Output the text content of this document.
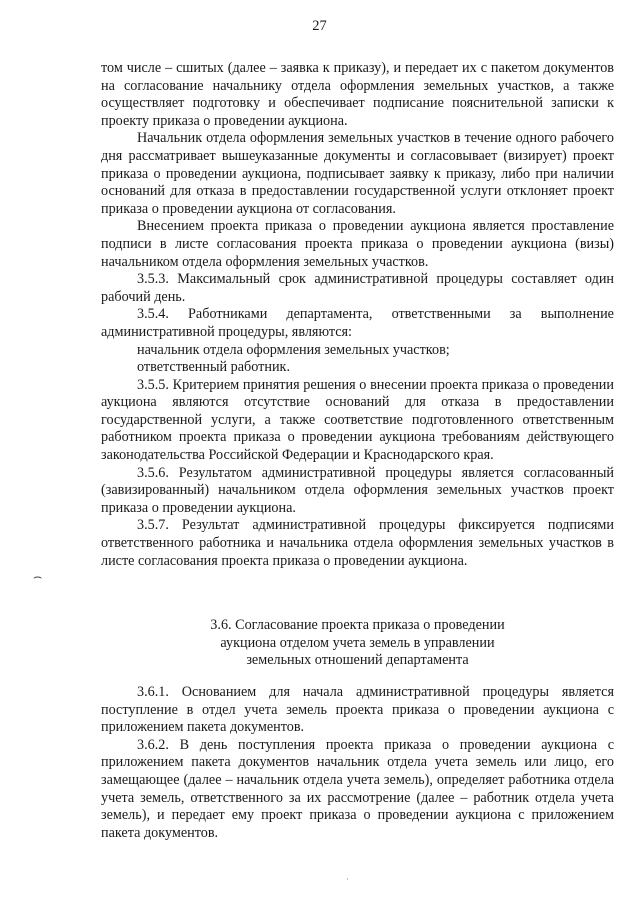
27

том числе – сшитых (далее – заявка к приказу), и передает их с пакетом документов на согласование начальнику отдела оформления земельных участков, а также осуществляет подготовку и обеспечивает подписание пояснительной записки к проекту приказа о проведении аукциона.

Начальник отдела оформления земельных участков в течение одного рабочего дня рассматривает вышеуказанные документы и согласовывает (визирует) проект приказа о проведении аукциона, подписывает заявку к приказу, либо при наличии оснований для отказа в предоставлении государственной услуги отклоняет проект приказа о проведении аукциона от согласования.

Внесением проекта приказа о проведении аукциона является проставление подписи в листе согласования проекта приказа о проведении аукциона (визы) начальником отдела оформления земельных участков.

3.5.3. Максимальный срок административной процедуры составляет один рабочий день.

3.5.4. Работниками департамента, ответственными за выполнение административной процедуры, являются:

начальник отдела оформления земельных участков;

ответственный работник.

3.5.5. Критерием принятия решения о внесении проекта приказа о проведении аукциона являются отсутствие оснований для отказа в предоставлении государственной услуги, а также соответствие подготовленного ответственным работником проекта приказа о проведении аукциона требованиям действующего законодательства Российской Федерации и Краснодарского края.

3.5.6. Результатом административной процедуры является согласованный (завизированный) начальником отдела оформления земельных участков проект приказа о проведении аукциона.

3.5.7. Результат административной процедуры фиксируется подписями ответственного работника и начальника отдела оформления земельных участков в листе согласования проекта приказа о проведении аукциона.

3.6. Согласование проекта приказа о проведении

аукциона отделом учета земель в управлении

земельных отношений департамента

3.6.1. Основанием для начала административной процедуры является поступление в отдел учета земель проекта приказа о проведении аукциона с приложением пакета документов.

3.6.2. В день поступления проекта приказа о проведении аукциона с приложением пакета документов начальник отдела учета земель или лицо, его замещающее (далее – начальник отдела учета земель), определяет работника отдела учета земель, ответственного за их рассмотрение (далее – работник отдела учета земель), и передает ему проект приказа о проведении аукциона с приложением пакета документов.

⌢
·
